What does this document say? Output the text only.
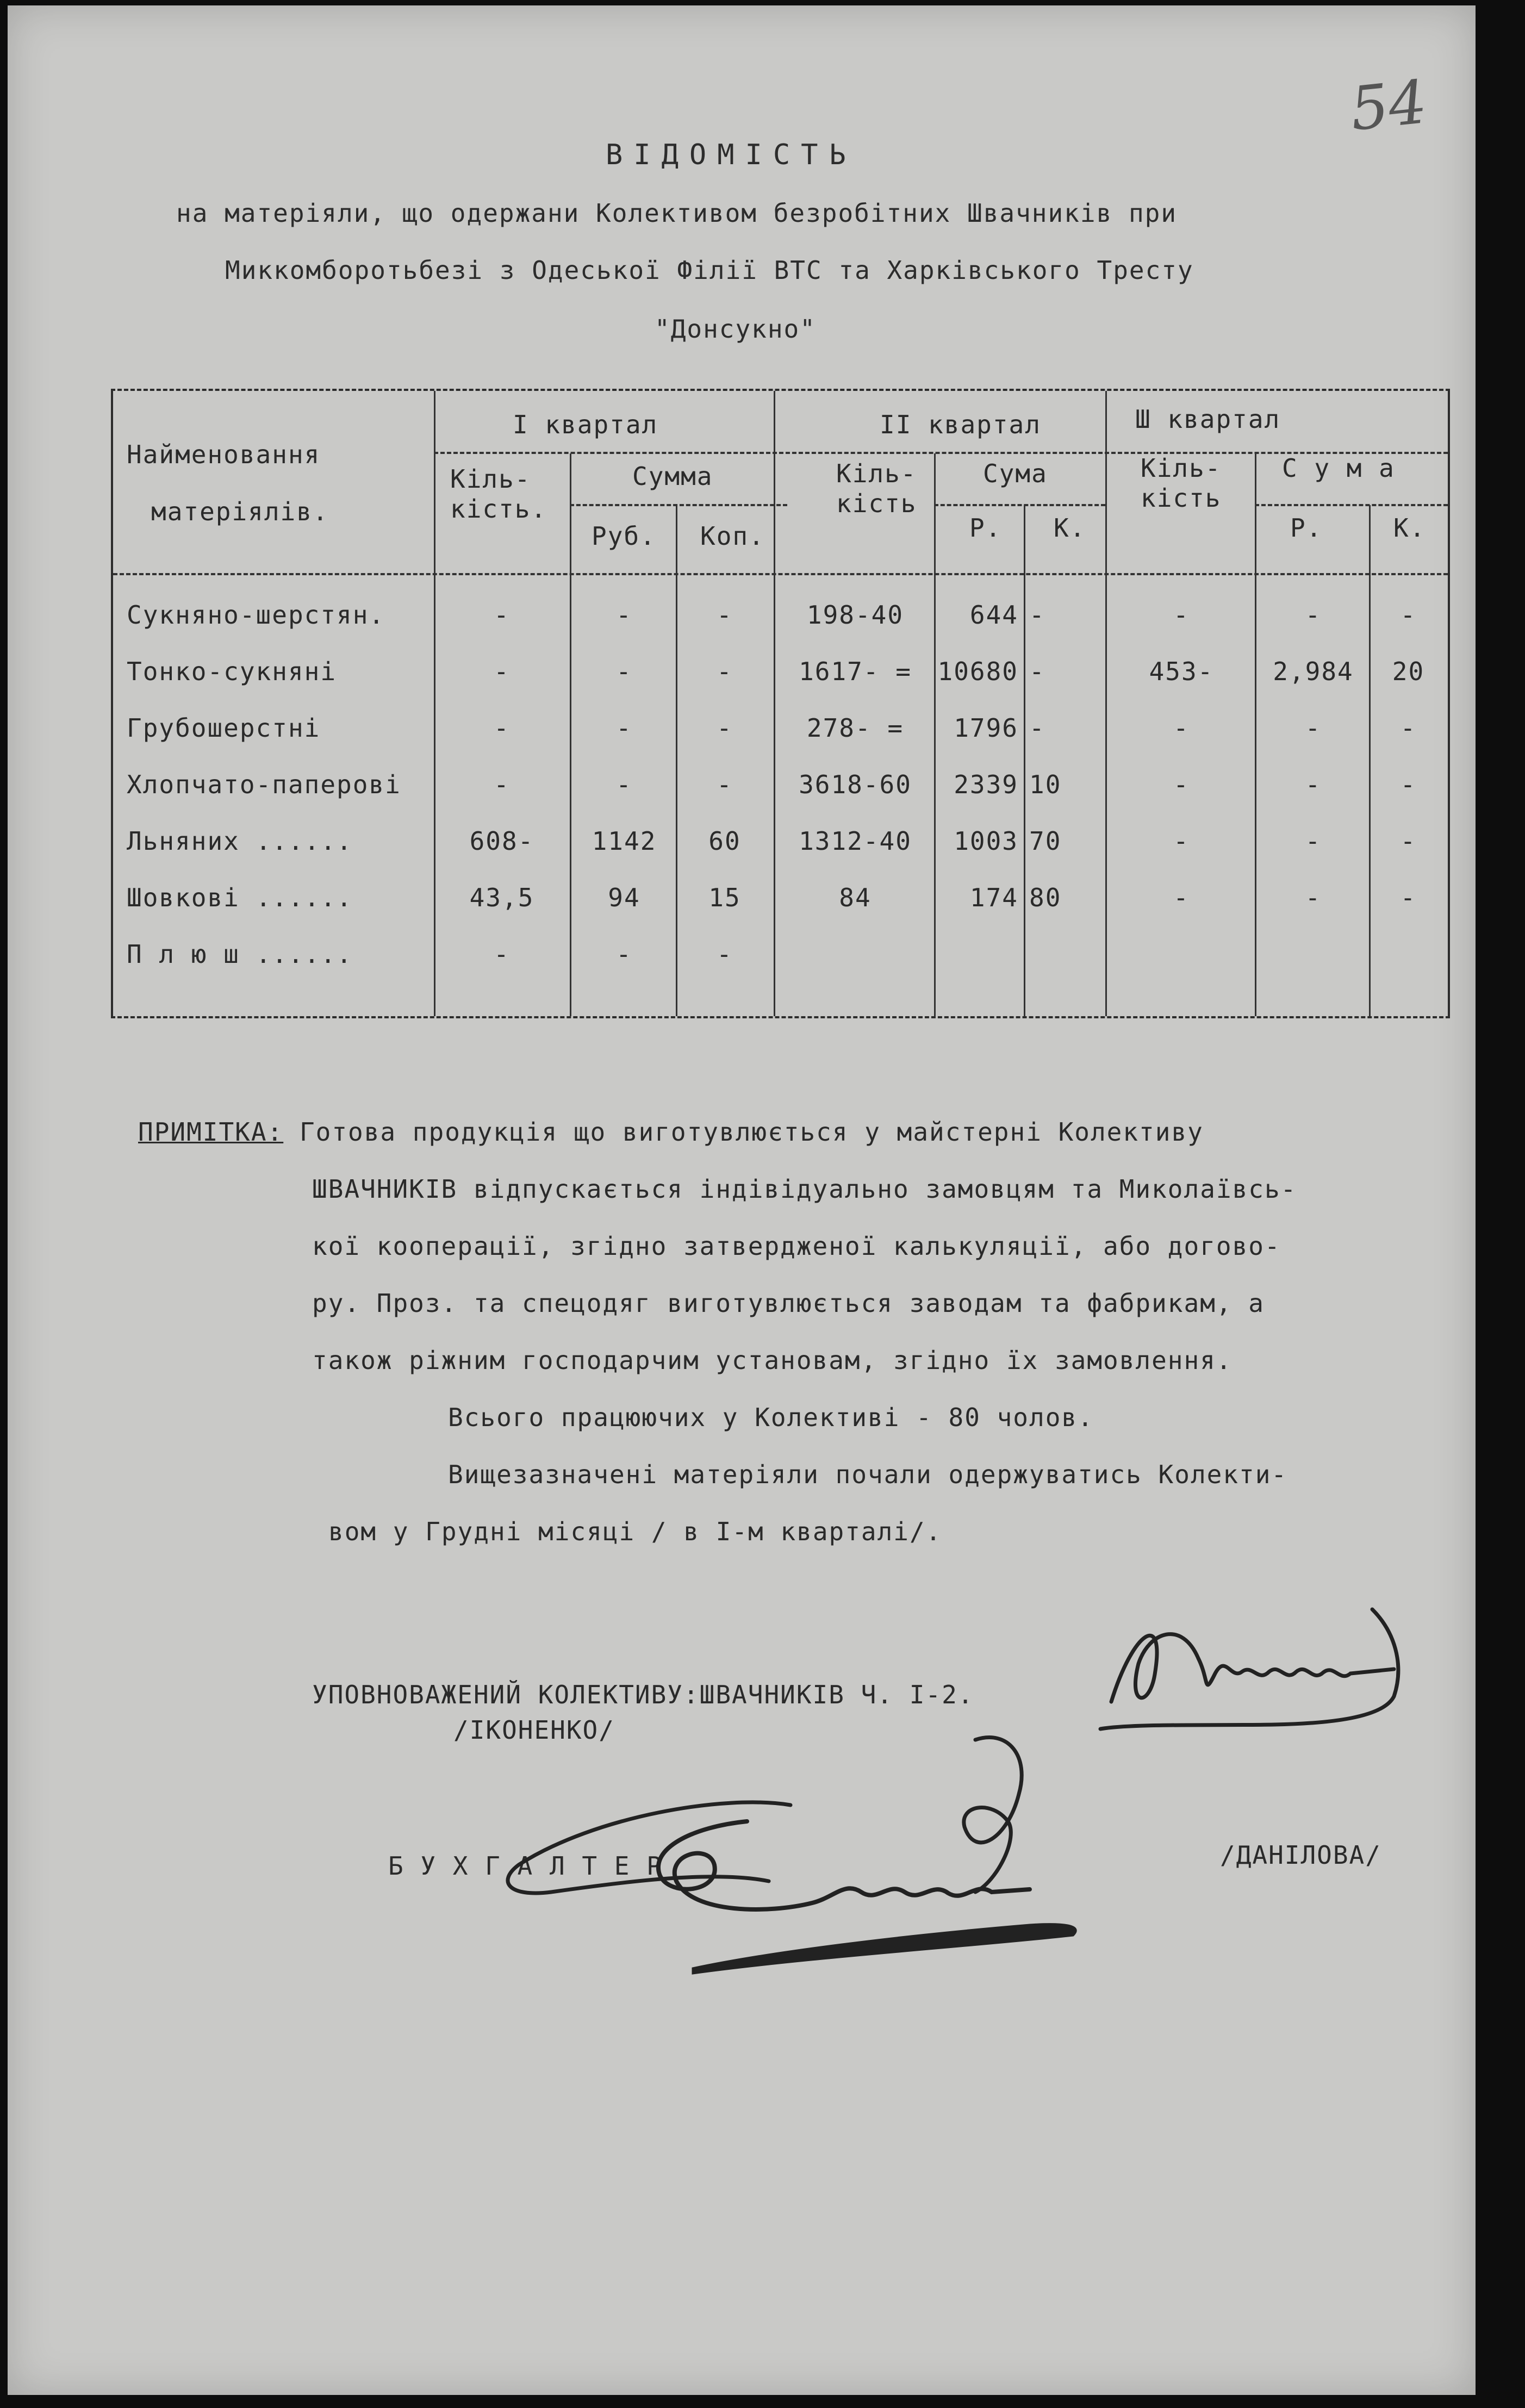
54
ВІДОМІСТЬ
на матеріяли, що одержани Колективом безробітних Швачників при
Миккомборотьбезі з Одеської Філії ВТС та Харківського Тресту
"Донсукно"
Найменовання
матеріялів.
I квартал	II квартал	Ш квартал
Кіль-
кість.
Сумма
Руб. Коп.
Кіль-
кість
Сума
Р. К.
Кіль-
кість
С у м а
Р.	К.
Сукняно-шерстян.	-	-	-	198-40	644 -	-	-	-
Тонко-сукняні	-	-	-	1617- =	10680 -	453-	2,984	20
Грубошерстні	-	-	-	278- =	1796 -	-	-	-
Хлопчато-паперові	-	-	-	3618-60	2339 10	-	-	-
Льняних ......	608-	1142	60	1312-40	1003 70	-	-	-
Шовкові ......	43,5	94	15	84	174 80	-	-	-
П л ю ш ......	-	-	-
ПРИМІТКА: Готова продукція що виготувлюється у майстерні Колективу
ШВАЧНИКІВ відпускається індівідуально замовцям та Миколаївсь-
кої кооперації, згідно затвердженої калькуляції, або догово-
ру. Проз. та спецодяг виготувлюється заводам та фабрикам, а
також ріжним господарчим установам, згідно їх замовлення.
Всього працюючих у Колективі - 80 чолов.
Вищезазначені матеріяли почали одержуватись Колекти-
вом у Грудні місяці / в І-м кварталі/.
УПОВНОВАЖЕНИЙ КОЛЕКТИВУ:ШВАЧНИКІВ Ч. І-2.
/ІКОНЕНКО/
Б У Х Г А Л Т Е Р	/ДАНІЛОВА/
